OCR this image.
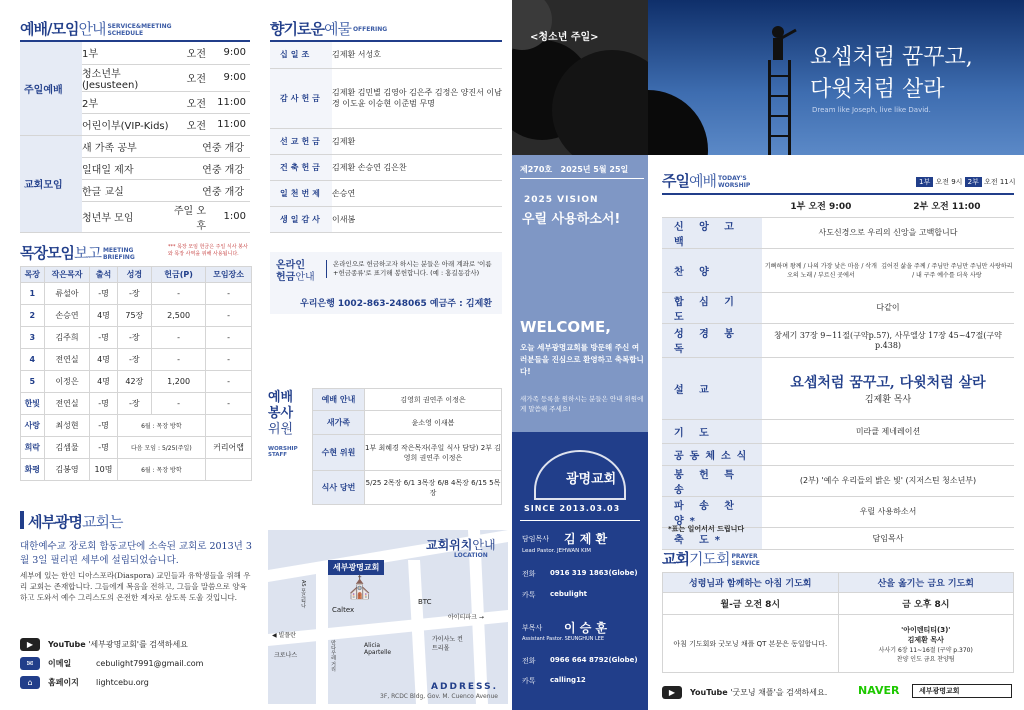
예배/모임안내 SERVICE&MEETING
SCHEDULE
주일예배	1부	오전	9:00
	청소년부(Jesusteen)	오전	9:00
	2부	오전	11:00
	어린이부(VIP-Kids)	오전	11:00
교회모임	새 가족 공부	연중 개강	
	일대일 제자	연중 개강	
	한글 교실	연중 개강	
	청년부 모임	주일 오후	1:00
목장모임보고 MEETING
BRIEFING
*** 목장 모임 헌금은 주일 식사 봉사와 목장 사역을 위해 사용됩니다.
목장	작은목자	출석	성경	헌금(P)	모임장소
1	류설아	-명	-장	-	-
2	손승연	4명	75장	2,500	-
3	김주희	-명	-장	-	-
4	전연실	4명	-장	-	-
5	이정은	4명	42장	1,200	-
한빛	전연실	-명	-장	-	-
사랑	최성현	-명	6월 : 목장 방학		
희락	김셈물	-명	다음 모임 : 5/25(주일)		커리어랩
화평	김봉영	10명	6월 : 목장 방학		
세부광명교회는
대한예수교 장로회 합동교단에 소속된 교회로 2013년 3월 3일 필리핀 세부에 설립되었습니다.
세부에 있는 한인 디아스포라(Diaspora) 교민들과 유학생들을 위해 우리 교회는 존재합니다. 그들에게 복음을 전하고, 그들을 말씀으로 양육하고 도와서 예수 그리스도의 온전한 제자로 삼도록 도울 것입니다.
▶ YouTube '세부광명교회'를 검색하세요
✉ 이메일	cebulight7991@gmail.com
⌂ 홈페이지 lightcebu.org
향기로운예물 OFFERING
십일조	김제환 서성호
감사헌금	김제환 김민별 김영아 김은주 김정은 양진서 이남경 이도윤 이승현 이준범 무명
선교헌금	김제환
건축헌금	김제환 손승연 김은찬
일천번제	손승연
생일감사	이새봄
온라인
헌금안내
온라인으로 헌금하고자 하시는 분들은 아래 계좌로 '이름+헌금종류'로 표기해 봉헌합니다. (예 : 홍길동감사)
우리은행 1002-863-248065 예금주 : 김제환
예배
봉사
위원
WORSHIP STAFF
예배 안내	김영희 권연주 이정은
새가족	윤소영 이새봄
수현 위원	1부 최혜경 작은목자(주일 식사 담당) 2부 김영희 권연주 이정은
식사 당번	5/25 2목장 6/1 3목장 6/8 4목장 6/15 5목장
교회위치안내
LOCATION
세부광명교회
⛪
Caltex
BTC
아이티파크 →
◀ 빌플란
크로나스
Alicia Apartelle
가이사노 컨트리몰
AS 포르티나
만다우레 거리
ADDRESS.
3F, RCDC Bldg, Gov. M. Cuenco Avenue
<청소년 주일>
제270호 2025년 5월 25일
2025 VISION
우릴 사용하소서!
WELCOME,
오늘 세부광명교회를 방문해 주신 여러분들을 진심으로 환영하고 축복합니다!
새가족 등록을 원하시는 분들은 안내 위원에게 말씀해 주세요!
광명교회
SINCE 2013.03.03
담임목사 김 제 환
Lead Pastor. JEHWAN KIM
전화 0916 319 1863(Globe)
카톡 cebulight
부목사 이 승 훈
Assistant Pastor. SEUNGHUN LEE
전화 0966 664 8792(Globe)
카톡 calling12
요셉처럼 꿈꾸고,
다윗처럼 살라
Dream like Joseph, live like David.
주일예배 TODAY'S
WORSHIP	1부 오전 9시 2부 오전 11시
	1부 오전 9:00	2부 오전 11:00
신 앙 고 백	사도신경으로 우리의 신앙을 고백합니다	
찬 양	기뻐하며 왕께 / 나의 가장 낮은 마음 / 삭개오의 노래 / 부르신 곳에서	깊어진 삶을 주께 / 주님만 주님만 주님만 사랑하리 / 내 구주 예수를 더욱 사랑
합 심 기 도	다같이	
성 경 봉 독	창세기 37장 9~11절(구약p.57), 사무엘상 17장 45~47절(구약p.438)	
설 교	요셉처럼 꿈꾸고, 다윗처럼 살라
김제환 목사	

기 도	미라클 제네레이션	
공동체소식		
봉 헌 특 송	(2부) '예수 우리들의 밝은 빛' (지저스틴 청소년부)	
파 송 찬 양*	우릴 사용하소서	
축 도*	담임목사	
*표는 일어서서 드립니다
교회기도회 PRAYER
SERVICE
성령님과 함께하는 아침 기도회	산을 옮기는 금요 기도회
월-금 오전 8시	금 오후 8시
아침 기도회와 굿모닝 채플 QT 본문은 동일합니다.	'아이덴티티(3)'
김제환 목사
사사기 6장 11~16절 (구약 p.370)
찬양 인도 금요 찬양팀
▶ YouTube '굿모닝 채플'을 검색하세요.	NAVER	세부광명교회
